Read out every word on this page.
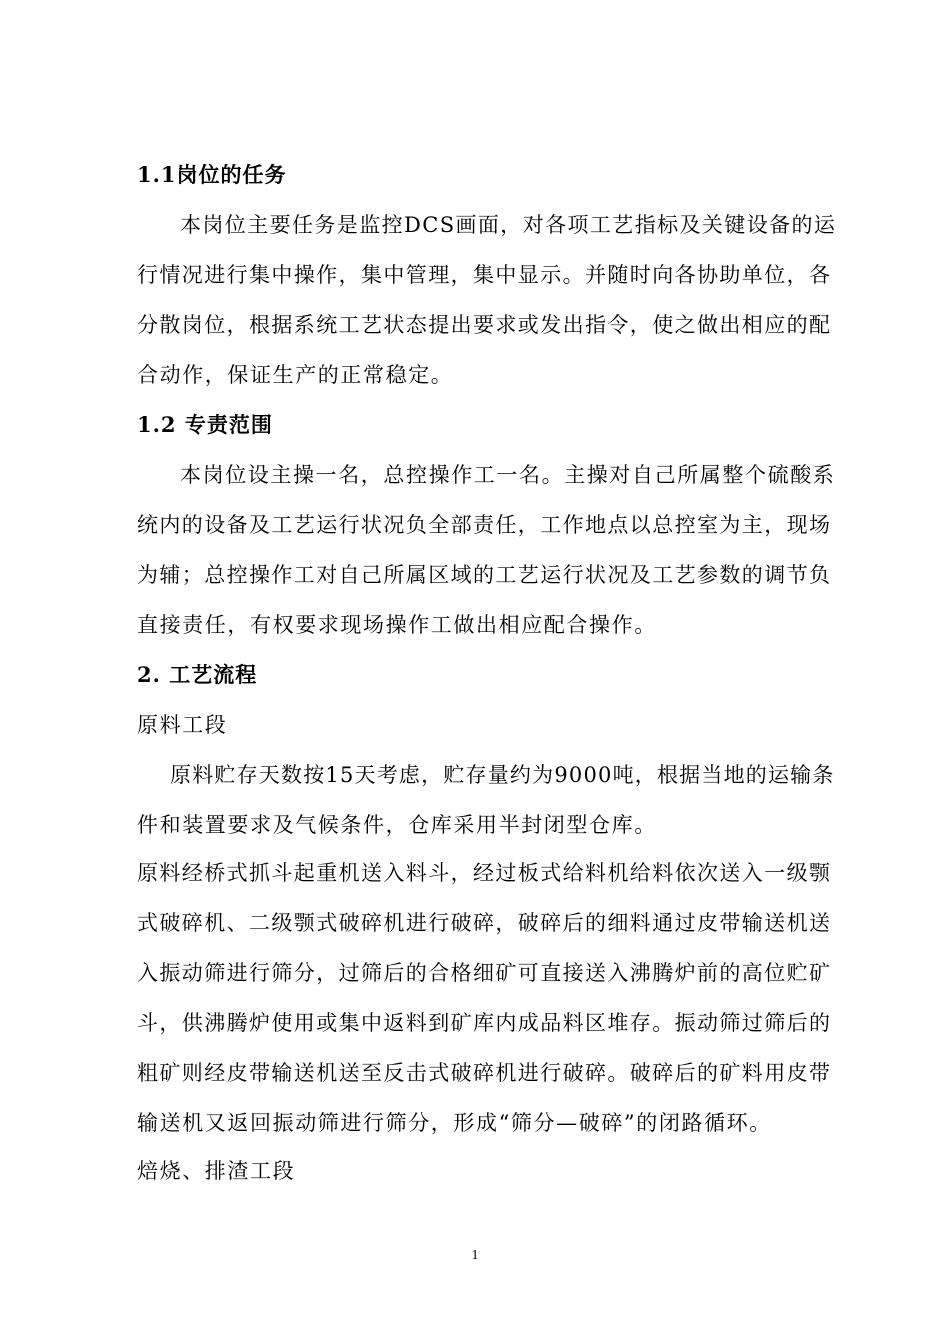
1.1岗位的任务
本岗位主要任务是监控DCS画面，对各项工艺指标及关键设备的运
行情况进行集中操作，集中管理，集中显示。并随时向各协助单位，各
分散岗位，根据系统工艺状态提出要求或发出指令，使之做出相应的配
合动作，保证生产的正常稳定。
1.2 专责范围
本岗位设主操一名，总控操作工一名。主操对自己所属整个硫酸系
统内的设备及工艺运行状况负全部责任，工作地点以总控室为主，现场
为辅；总控操作工对自己所属区域的工艺运行状况及工艺参数的调节负
直接责任，有权要求现场操作工做出相应配合操作。
2. 工艺流程
原料工段
原料贮存天数按15天考虑，贮存量约为9000吨，根据当地的运输条
件和装置要求及气候条件，仓库采用半封闭型仓库。
原料经桥式抓斗起重机送入料斗，经过板式给料机给料依次送入一级颚
式破碎机、二级颚式破碎机进行破碎，破碎后的细料通过皮带输送机送
入振动筛进行筛分，过筛后的合格细矿可直接送入沸腾炉前的高位贮矿
斗，供沸腾炉使用或集中返料到矿库内成品料区堆存。振动筛过筛后的
粗矿则经皮带输送机送至反击式破碎机进行破碎。破碎后的矿料用皮带
输送机又返回振动筛进行筛分，形成“筛分—破碎”的闭路循环。
焙烧、排渣工段
1
